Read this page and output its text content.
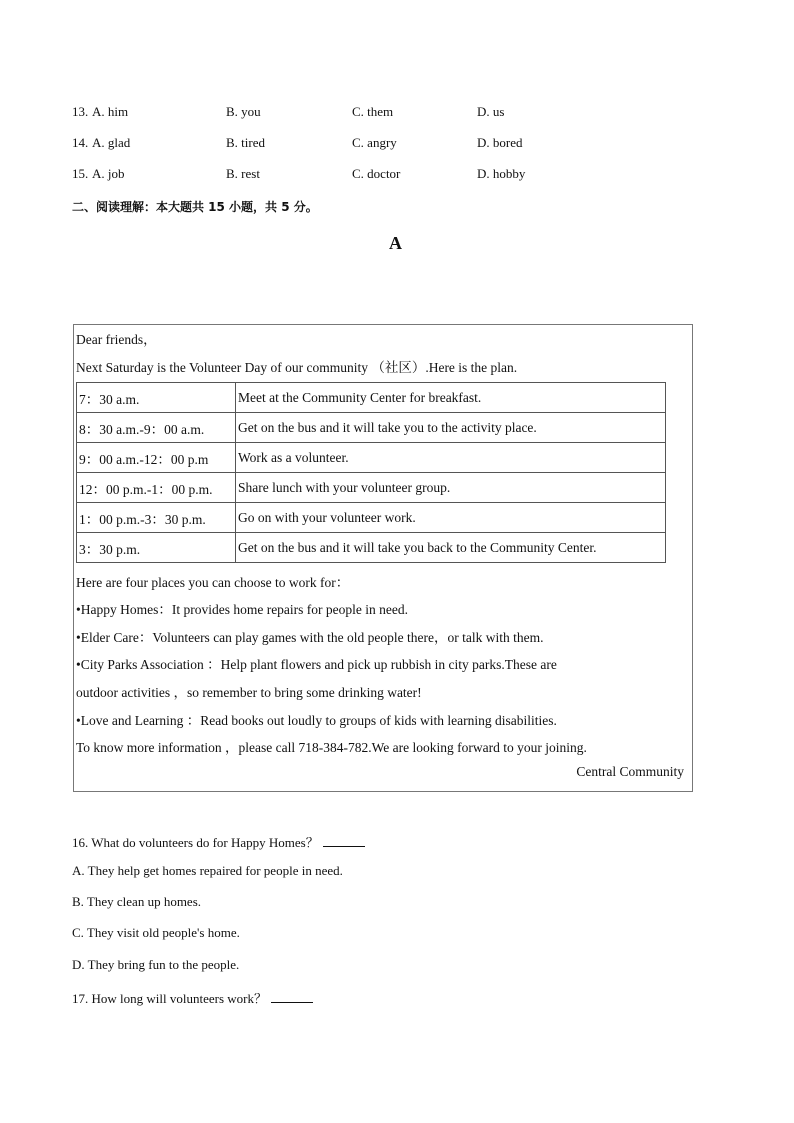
13. A. him	B. you	C. them	D. us
14. A. glad	B. tired	C. angry	D. bored
15. A. job	B. rest	C. doctor	D. hobby
二、阅读理解：本大题共 15 小题，共 5 分。
A
Dear friends，
Next Saturday is the Volunteer Day of our community （社区）.Here is the plan.
7：30 a.m.	Meet at the Community Center for breakfast.
8：30 a.m.-9：00 a.m.	Get on the bus and it will take you to the activity place.
9：00 a.m.-12：00 p.m	Work as a volunteer.
12：00 p.m.-1：00 p.m.	Share lunch with your volunteer group.
1：00 p.m.-3：30 p.m.	Go on with your volunteer work.
3：30 p.m.	Get on the bus and it will take you back to the Community Center.
Here are four places you can choose to work for：
•Happy Homes：It provides home repairs for people in need.
•Elder Care：Volunteers can play games with the old people there，or talk with them.
•City Parks Association ：Help plant flowers and pick up rubbish in city parks.These are
outdoor activities ，so remember to bring some drinking water!
•Love and Learning ：Read books out loudly to groups of kids with learning disabilities.
To know more information ，please call 718-384-782.We are looking forward to your joining.
Central Community
16. What do volunteers do for Happy Homes？
A. They help get homes repaired for people in need.
B. They clean up homes.
C. They visit old people's home.
D. They bring fun to the people.
17. How long will volunteers work？
